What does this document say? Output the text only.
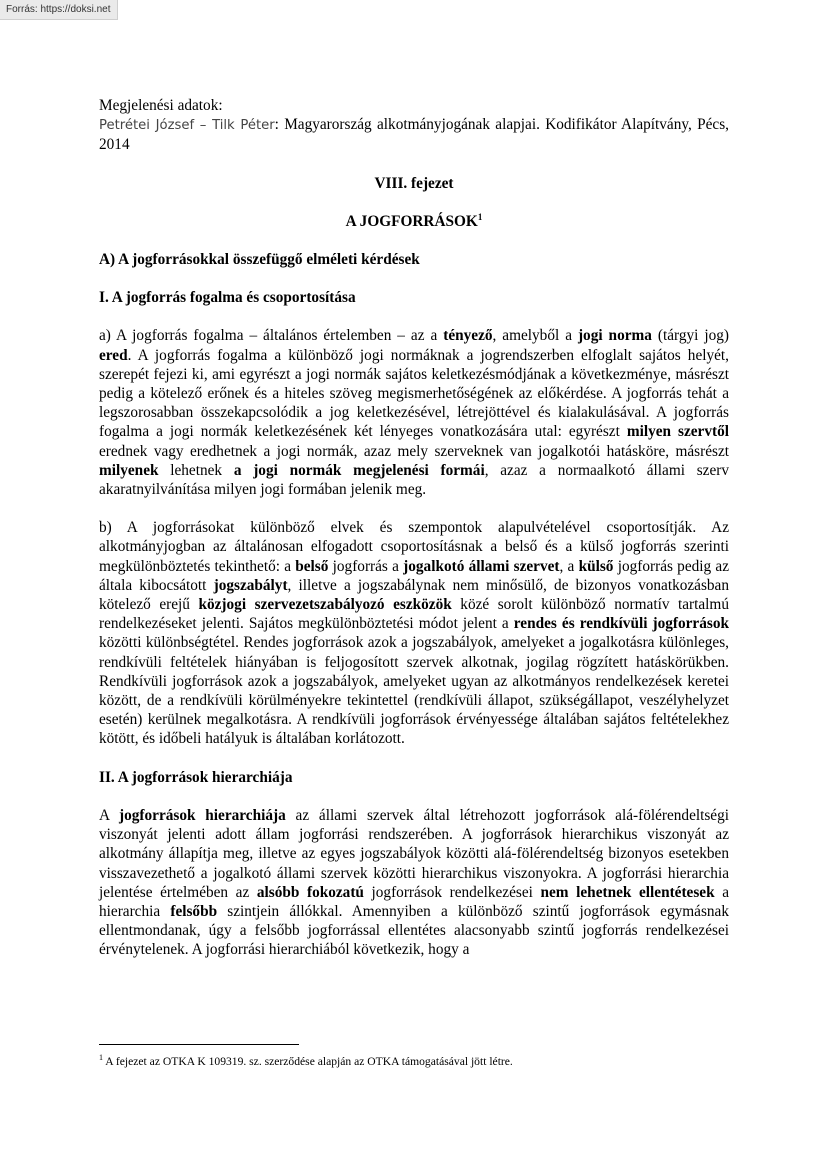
Forrás: https://doksi.net

Megjelenési adatok:

Petrétei József – Tilk Péter: Magyarország alkotmányjogának alapjai. Kodifikátor Alapítvány, Pécs, 2014

VIII. fejezet

A JOGFORRÁSOK$^1$

A) A jogforrásokkal összefüggő elméleti kérdések

I. A jogforrás fogalma és csoportosítása

a) A jogforrás fogalma – általános értelemben – az a tényező, amelyből a jogi norma (tárgyi jog) ered. A jogforrás fogalma a különböző jogi normáknak a jogrendszerben elfoglalt sajátos helyét, szerepét fejezi ki, ami egyrészt a jogi normák sajátos keletkezésmódjának a következménye, másrészt pedig a kötelező erőnek és a hiteles szöveg megismerhetőségének az előkérdése. A jogforrás tehát a legszorosabban összekapcsolódik a jog keletkezésével, létrejöttével és kialakulásával. A jogforrás fogalma a jogi normák keletkezésének két lényeges vonatkozására utal: egyrészt milyen szervtől erednek vagy eredhetnek a jogi normák, azaz mely szerveknek van jogalkotói hatásköre, másrészt milyenek lehetnek a jogi normák megjelenési formái, azaz a normaalkotó állami szerv akaratnyilvánítása milyen jogi formában jelenik meg.

b) A jogforrásokat különböző elvek és szempontok alapulvételével csoportosítják. Az alkotmányjogban az általánosan elfogadott csoportosításnak a belső és a külső jogforrás szerinti megkülönböztetés tekinthető: a belső jogforrás a jogalkotó állami szervet, a külső jogforrás pedig az általa kibocsátott jogszabályt, illetve a jogszabálynak nem minősülő, de bizonyos vonatkozásban kötelező erejű közjogi szervezetszabályozó eszközök közé sorolt különböző normatív tartalmú rendelkezéseket jelenti. Sajátos megkülönböztetési módot jelent a rendes és rendkívüli jogforrások közötti különbségtétel. Rendes jogforrások azok a jogszabályok, amelyeket a jogalkotásra különleges, rendkívüli feltételek hiányában is feljogosított szervek alkotnak, jogilag rögzített hatáskörükben. Rendkívüli jogforrások azok a jogszabályok, amelyeket ugyan az alkotmányos rendelkezések keretei között, de a rendkívüli körülményekre tekintettel (rendkívüli állapot, szükségállapot, veszélyhelyzet esetén) kerülnek megalkotásra. A rendkívüli jogforrások érvényessége általában sajátos feltételekhez kötött, és időbeli hatályuk is általában korlátozott.

II. A jogforrások hierarchiája

A jogforrások hierarchiája az állami szervek által létrehozott jogforrások alá-fölérendeltségi viszonyát jelenti adott állam jogforrási rendszerében. A jogforrások hierarchikus viszonyát az alkotmány állapítja meg, illetve az egyes jogszabályok közötti alá-fölérendeltség bizonyos esetekben visszavezethető a jogalkotó állami szervek közötti hierarchikus viszonyokra. A jogforrási hierarchia jelentése értelmében az alsóbb fokozatú jogforrások rendelkezései nem lehetnek ellentétesek a hierarchia felsőbb szintjein állókkal. Amennyiben a különböző szintű jogforrások egymásnak ellentmondanak, úgy a felsőbb jogforrással ellentétes alacsonyabb szintű jogforrás rendelkezései érvénytelenek. A jogforrási hierarchiából következik, hogy a

$^1$ A fejezet az OTKA K 109319. sz. szerződése alapján az OTKA támogatásával jött létre.
